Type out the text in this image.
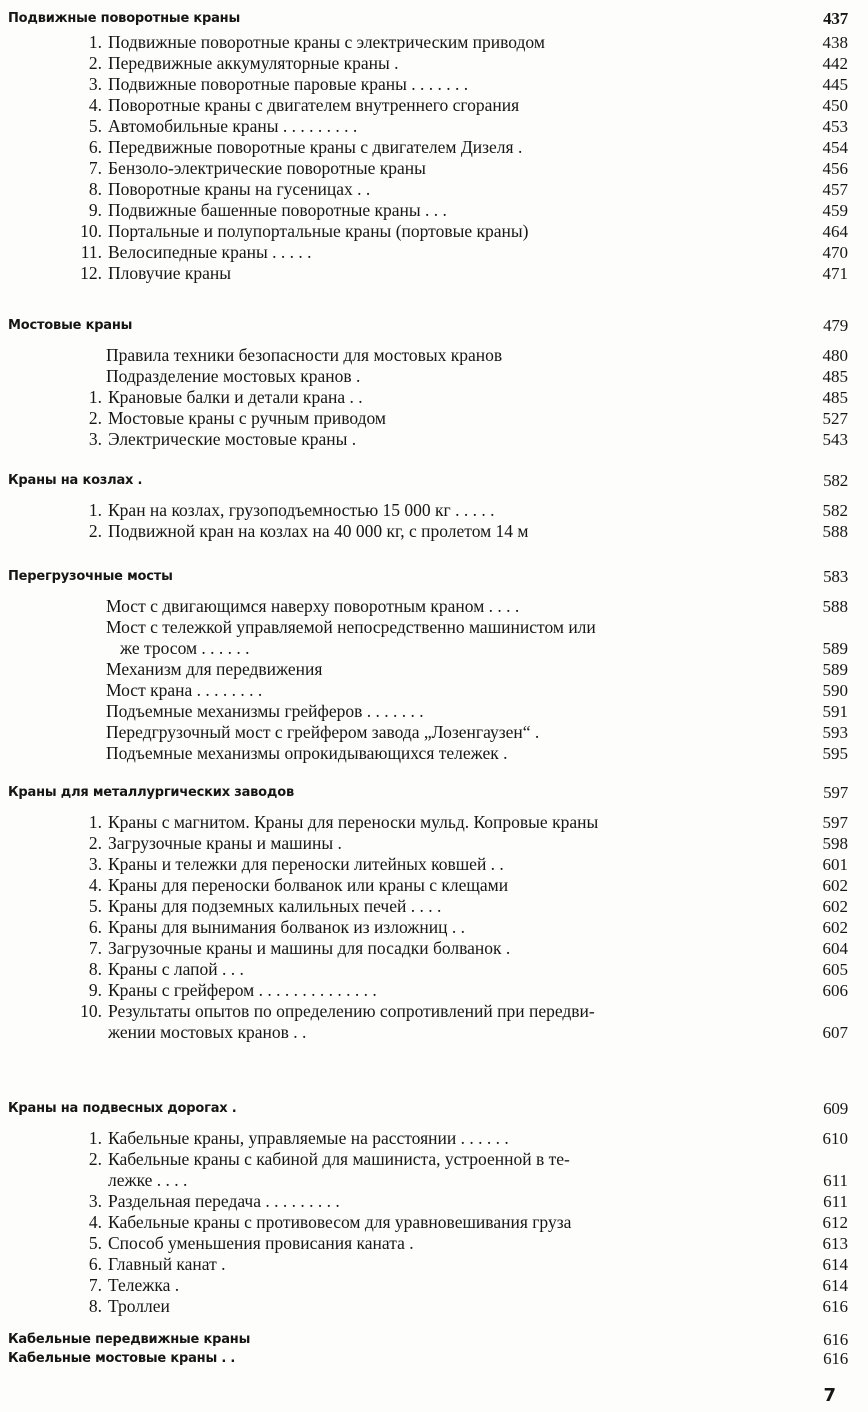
Подвижные поворотные краны	437
1. Подвижные поворотные краны с электрическим приводом	438
2. Передвижные аккумуляторные краны .	442
3. Подвижные поворотные паровые краны . . . . . . .	445
4. Поворотные краны с двигателем внутреннего сгорания	450
5. Автомобильные краны . . . . . . . . .	453
6. Передвижные поворотные краны с двигателем Дизеля .	454
7. Бензоло-электрические поворотные краны	456
8. Поворотные краны на гусеницах . .	457
9. Подвижные башенные поворотные краны . . .	459
10. Портальные и полупортальные краны (портовые краны)	464
11. Велосипедные краны . . . . .	470
12. Пловучие краны	471
Мостовые краны	479
Правила техники безопасности для мостовых кранов	480
Подразделение мостовых кранов .	485
1. Крановые балки и детали крана . .	485
2. Мостовые краны с ручным приводом	527
3. Электрические мостовые краны .	543
Краны на козлах .	582
1. Кран на козлах, грузоподъемностью 15 000 кг . . . . .	582
2. Подвижной кран на козлах на 40 000 кг, с пролетом 14 м	588
Перегрузочные мосты	583
Мост с двигающимся наверху поворотным краном . . . .	588
Мост с тележкой управляемой непосредственно машинистом или
же тросом . . . . . .	589
Механизм для передвижения	589
Мост крана . . . . . . . .	590
Подъемные механизмы грейферов . . . . . . .	591
Передгрузочный мост с грейфером завода „Лозенгаузен“ .	593
Подъемные механизмы опрокидывающихся тележек .	595
Краны для металлургических заводов	597
1. Краны с магнитом. Краны для переноски мульд. Копровые краны	597
2. Загрузочные краны и машины .	598
3. Краны и тележки для переноски литейных ковшей . .	601
4. Краны для переноски болванок или краны с клещами	602
5. Краны для подземных калильных печей . . . .	602
6. Краны для вынимания болванок из изложниц . .	602
7. Загрузочные краны и машины для посадки болванок .	604
8. Краны с лапой . . .	605
9. Краны с грейфером . . . . . . . . . . . . . .	606
10. Результаты опытов по определению сопротивлений при передви-
жении мостовых кранов . .	607
Краны на подвесных дорогах .	609
1. Кабельные краны, управляемые на расстоянии . . . . . .	610
2. Кабельные краны с кабиной для машиниста, устроенной в те-
лежке . . . .	611
3. Раздельная передача . . . . . . . . .	611
4. Кабельные краны с противовесом для уравновешивания груза	612
5. Способ уменьшения провисания каната .	613
6. Главный канат .	614
7. Тележка .	614
8. Троллеи	616
Кабельные передвижные краны	616
Кабельные мостовые краны . .	616
7
